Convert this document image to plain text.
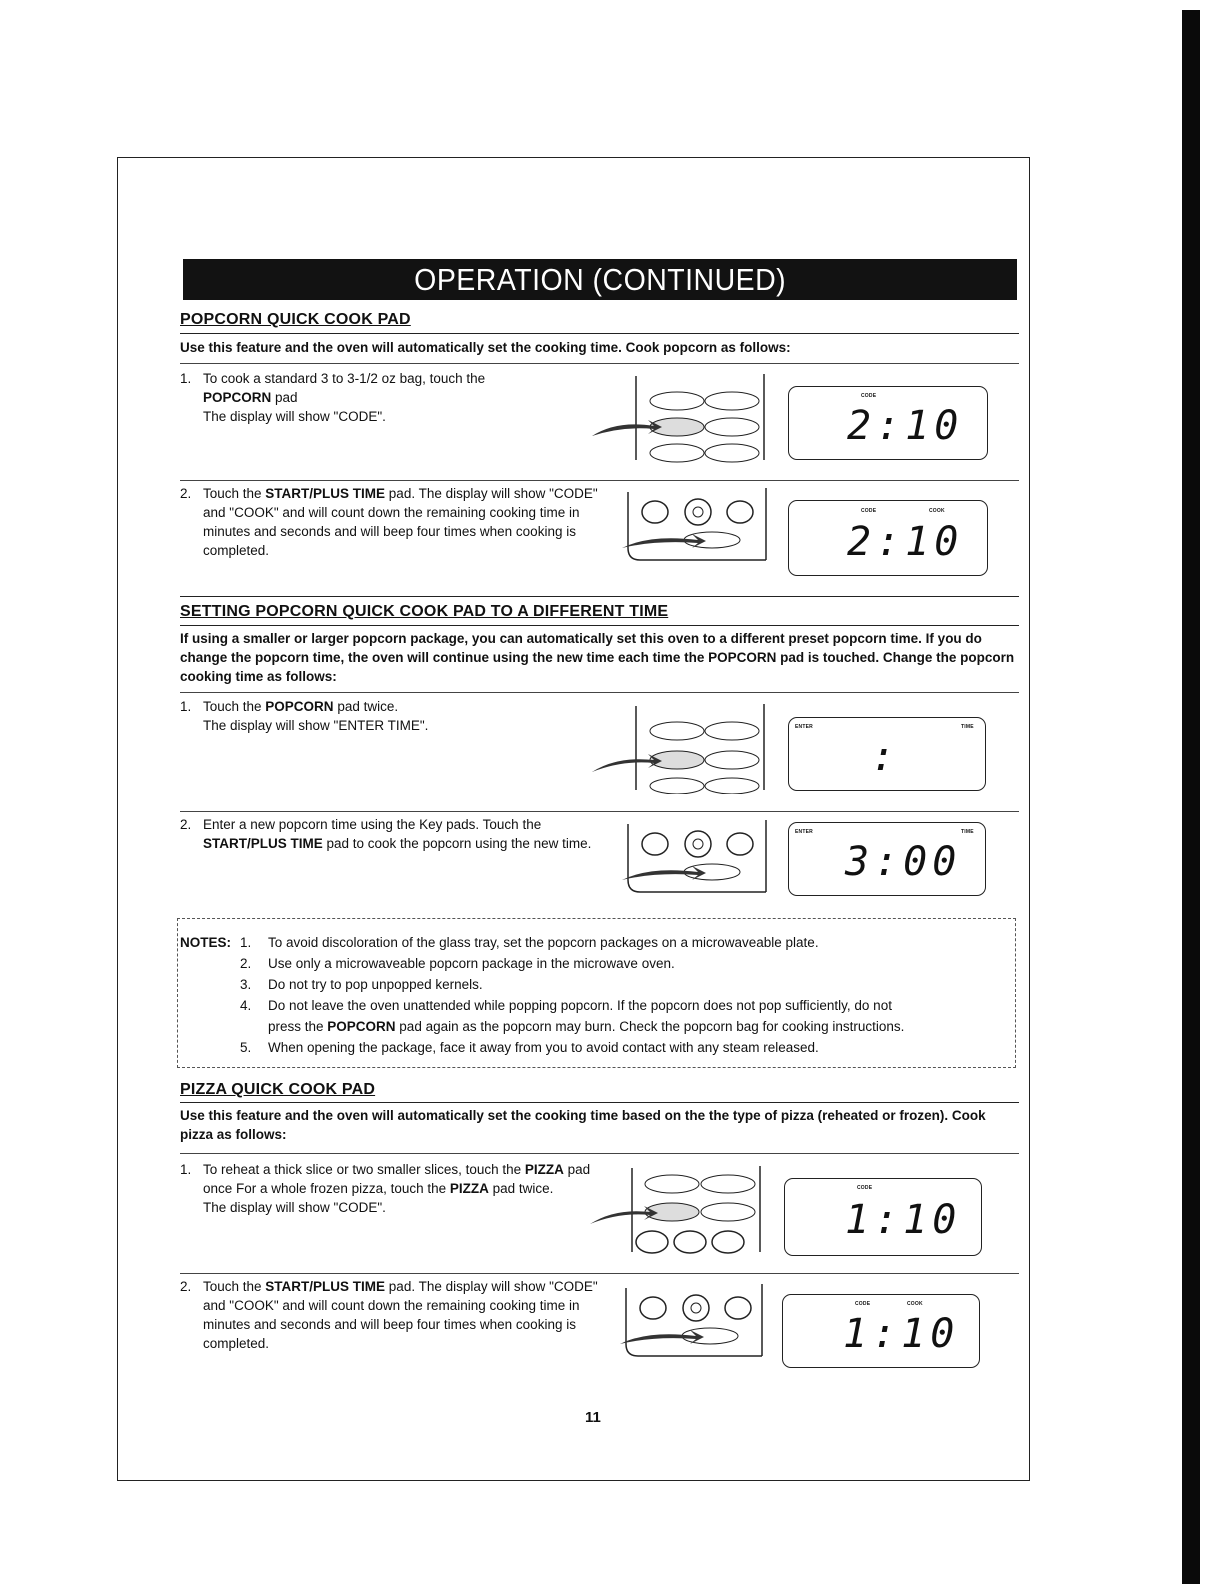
OPERATION (CONTINUED)
POPCORN QUICK COOK PAD
Use this feature and the oven will automatically set the cooking time. Cook popcorn as follows:
1. To cook a standard 3 to 3-1/2 oz bag, touch the
POPCORN pad
The display will show "CODE".
CODE
2:10
2. Touch the START/PLUS TIME pad. The display will show "CODE" and "COOK" and will count down the remaining cooking time in minutes and seconds and will beep four times when cooking is completed.
CODE	COOK
2:10
SETTING POPCORN QUICK COOK PAD TO A DIFFERENT TIME
If using a smaller or larger popcorn package, you can automatically set this oven to a different preset popcorn time. If you do change the popcorn time, the oven will continue using the new time each time the POPCORN pad is touched. Change the popcorn cooking time as follows:
1. Touch the POPCORN pad twice.
The display will show "ENTER TIME".	ENTER	TIME
:
2. Enter a new popcorn time using the Key pads. Touch the START/PLUS TIME pad to cook the popcorn using the new time.
ENTER	TIME
3:00
NOTES: 1. To avoid discoloration of the glass tray, set the popcorn packages on a microwaveable plate.
2. Use only a microwaveable popcorn package in the microwave oven.
3. Do not try to pop unpopped kernels.
4. Do not leave the oven unattended while popping popcorn. If the popcorn does not pop sufficiently, do not
press the POPCORN pad again as the popcorn may burn. Check the popcorn bag for cooking instructions.
5. When opening the package, face it away from you to avoid contact with any steam released.
PIZZA QUICK COOK PAD
Use this feature and the oven will automatically set the cooking time based on the the type of pizza (reheated or frozen). Cook pizza as follows:
1. To reheat a thick slice or two smaller slices, touch the PIZZA pad once For a whole frozen pizza, touch the PIZZA pad twice.
The display will show "CODE".
CODE
1:10
2. Touch the START/PLUS TIME pad. The display will show "CODE" and "COOK" and will count down the remaining cooking time in minutes and seconds and will beep four times when cooking is completed.
CODE	COOK
1:10
11
